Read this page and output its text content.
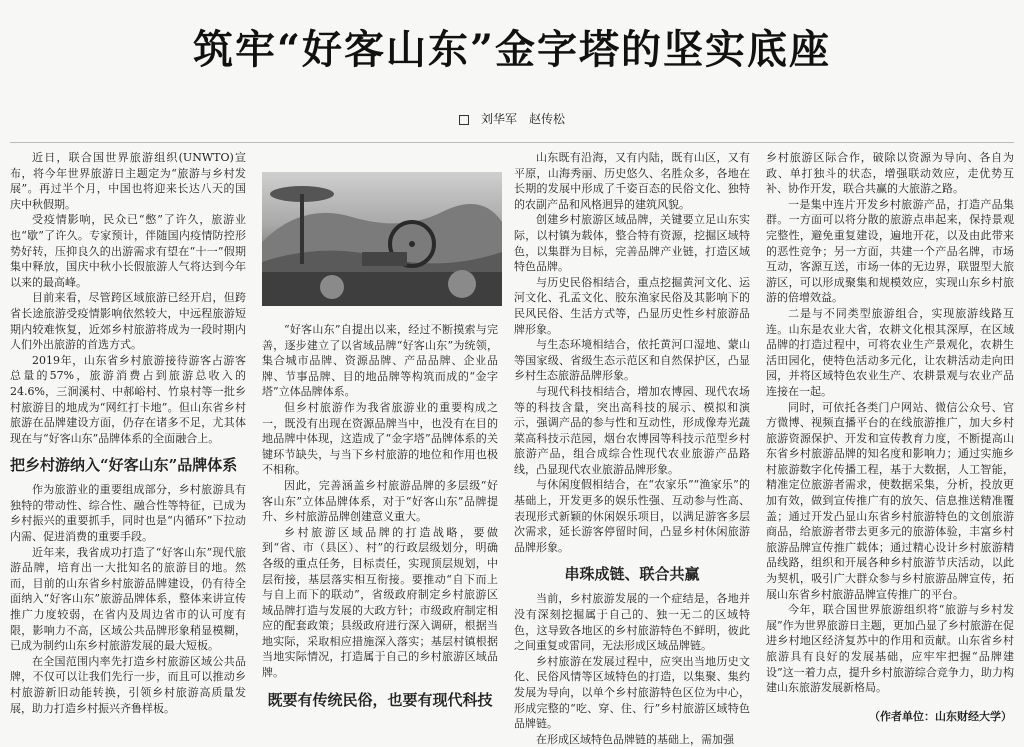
筑牢“好客山东”金字塔的坚实底座
刘华军　赵传松

近日，联合国世界旅游组织(UNWTO)宣布，将今年世界旅游日主题定为“旅游与乡村发展”。再过半个月，中国也将迎来长达八天的国庆中秋假期。

受疫情影响，民众已“憋”了许久，旅游业也“歇”了许久。专家预计，伴随国内疫情防控形势好转，压抑良久的出游需求有望在“十一”假期集中释放，国庆中秋小长假旅游人气将达到今年以来的最高峰。

目前来看，尽管跨区域旅游已经开启，但跨省长途旅游受疫情影响依然较大，中远程旅游短期内较难恢复，近郊乡村旅游将成为一段时期内人们外出旅游的首选方式。

2019年，山东省乡村旅游接待游客占游客总量的57%，旅游消费占到旅游总收入的24.6%，三涧溪村、中郝峪村、竹泉村等一批乡村旅游目的地成为“网红打卡地”。但山东省乡村旅游在品牌建设方面，仍存在诸多不足，尤其体现在与“好客山东”品牌体系的全面融合上。

把乡村游纳入“好客山东”品牌体系

作为旅游业的重要组成部分，乡村旅游具有独特的带动性、综合性、融合性等特征，已成为乡村振兴的重要抓手，同时也是“内循环”下拉动内需、促进消费的重要手段。

近年来，我省成功打造了“好客山东”现代旅游品牌，培育出一大批知名的旅游目的地。然而，目前的山东省乡村旅游品牌建设，仍有待全面纳入“好客山东”旅游品牌体系，整体来讲宣传推广力度较弱，在省内及周边省市的认可度有限，影响力不高，区域公共品牌形象稍显模糊，已成为制约山东乡村旅游发展的最大短板。

在全国范围内率先打造乡村旅游区域公共品牌，不仅可以让我们先行一步，而且可以推动乡村旅游新旧动能转换，引领乡村旅游高质量发展，助力打造乡村振兴齐鲁样板。

“好客山东”自提出以来，经过不断摸索与完善，逐步建立了以省域品牌“好客山东”为统领，集合城市品牌、资源品牌、产品品牌、企业品牌、节事品牌、目的地品牌等构筑而成的“金字塔”立体品牌体系。

但乡村旅游作为我省旅游业的重要构成之一，既没有出现在资源品牌当中，也没有在目的地品牌中体现，这造成了“金字塔”品牌体系的关键环节缺失，与当下乡村旅游的地位和作用也极不相称。

因此，完善涵盖乡村旅游品牌的多层级“好客山东”立体品牌体系，对于“好客山东”品牌提升、乡村旅游品牌创建意义重大。

乡村旅游区域品牌的打造战略，要做到“省、市（县区）、村”的行政层级划分，明确各级的重点任务，目标责任，实现顶层规划，中层衔接，基层落实相互衔接。要推动“自下而上与自上而下的联动”，省级政府制定乡村旅游区域品牌打造与发展的大政方针；市级政府制定相应的配套政策；县级政府进行深入调研，根据当地实际，采取相应措施深入落实；基层村镇根据当地实际情况，打造属于自己的乡村旅游区域品牌。

既要有传统民俗，也要有现代科技

山东既有沿海，又有内陆，既有山区，又有平原，山海秀丽、历史悠久、名胜众多，各地在长期的发展中形成了千姿百态的民俗文化、独特的农副产品和风格迥异的建筑风貌。

创建乡村旅游区域品牌，关键要立足山东实际，以村镇为载体，整合特有资源，挖掘区域特色，以集群为目标，完善品牌产业链，打造区域特色品牌。

与历史民俗相结合，重点挖掘黄河文化、运河文化、孔孟文化、胶东渔家民俗及其影响下的民风民俗、生活方式等，凸显历史性乡村旅游品牌形象。

与生态环境相结合，依托黄河口湿地、蒙山等国家级、省级生态示范区和自然保护区，凸显乡村生态旅游品牌形象。

与现代科技相结合，增加农博园、现代农场等的科技含量，突出高科技的展示、模拟和演示，强调产品的参与性和互动性，形成像寿光蔬菜高科技示范园，烟台农博园等科技示范型乡村旅游产品，组合成综合性现代农业旅游产品路线，凸显现代农业旅游品牌形象。

与休闲度假相结合，在“农家乐”“渔家乐”的基础上，开发更多的娱乐性强、互动参与性高、表现形式新颖的休闲娱乐项目，以满足游客多层次需求，延长游客停留时间，凸显乡村休闲旅游品牌形象。

串珠成链、联合共赢

当前，乡村旅游发展的一个症结是，各地并没有深刻挖掘属于自己的、独一无二的区域特色，这导致各地区的乡村旅游特色不鲜明，彼此之间重复或雷同，无法形成区域品牌链。

乡村旅游在发展过程中，应突出当地历史文化、民俗风情等区域特色的打造，以集聚、集约发展为导向，以单个乡村旅游特色区位为中心，形成完整的“吃、穿、住、行”乡村旅游区域特色品牌链。

在形成区域特色品牌链的基础上，需加强

乡村旅游区际合作，破除以资源为导向、各自为政、单打独斗的状态，增强联动效应，走优势互补、协作开发，联合共赢的大旅游之路。

一是集中连片开发乡村旅游产品，打造产品集群。一方面可以将分散的旅游点串起来，保持景观完整性，避免重复建设，遍地开花，以及由此带来的恶性竞争；另一方面，共建一个产品名牌，市场互动，客源互送，市场一体的无边界，联盟型大旅游区，可以形成聚集和规模效应，实现山东乡村旅游的倍增效益。

二是与不同类型旅游组合，实现旅游线路互连。山东是农业大省，农耕文化根其深厚，在区域品牌的打造过程中，可将农业生产景观化，农耕生活田园化，使特色活动多元化，让农耕活动走向田园，并将区域特色农业生产、农耕景观与农业产品连接在一起。

同时，可依托各类门户网站、微信公众号、官方微博、视频直播平台的在线旅游推广，加大乡村旅游资源保护、开发和宣传教育力度，不断提高山东省乡村旅游品牌的知名度和影响力；通过实施乡村旅游数字化传播工程，基于大数据，人工智能，精准定位旅游者需求，使数据采集，分析，投放更加有效，做到宣传推广有的放矢、信息推送精准覆盖；通过开发凸显山东省乡村旅游特色的文创旅游商品，给旅游者带去更多元的旅游体验，丰富乡村旅游品牌宣传推广载体；通过精心设计乡村旅游精品线路，组织和开展各种乡村旅游节庆活动，以此为契机，吸引广大群众参与乡村旅游品牌宣传，拓展山东省乡村旅游品牌宣传推广的平台。

今年，联合国世界旅游组织将“旅游与乡村发展”作为世界旅游日主题，更加凸显了乡村旅游在促进乡村地区经济复苏中的作用和贡献。山东省乡村旅游具有良好的发展基础，应牢牢把握“品牌建设”这一着力点，提升乡村旅游综合竞争力，助力构建山东旅游发展新格局。

（作者单位：山东财经大学）
